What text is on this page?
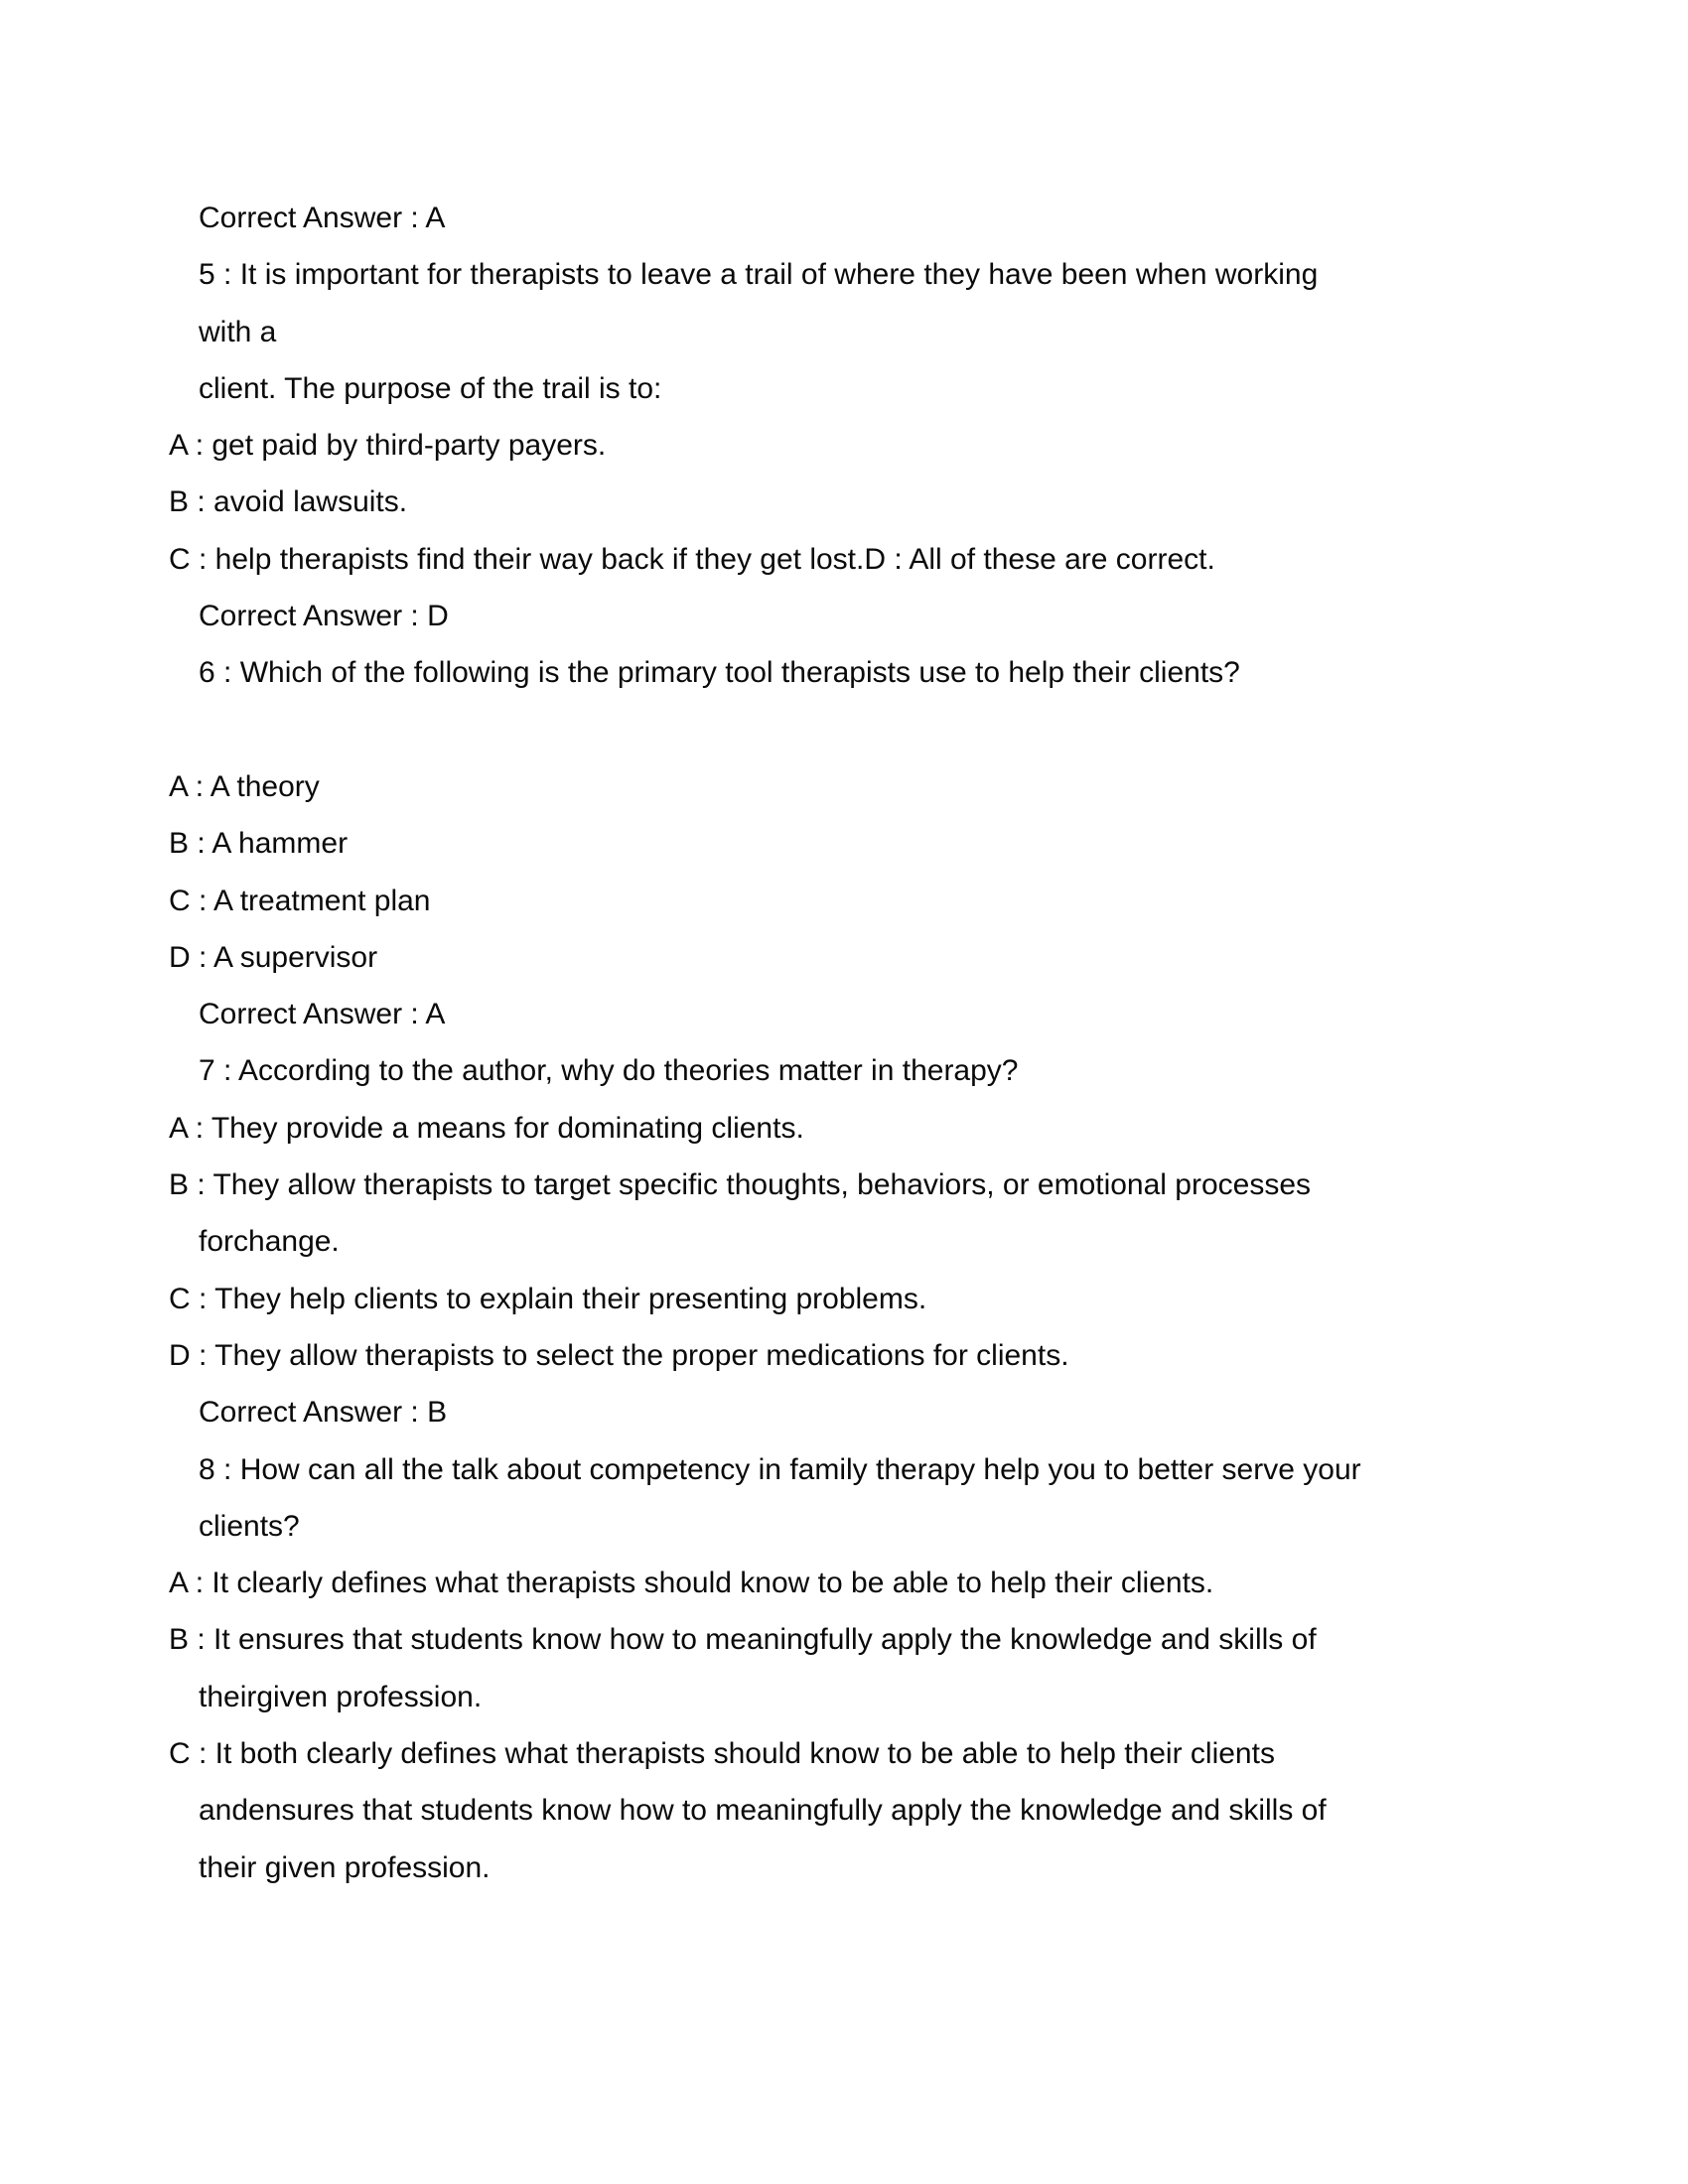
Correct Answer : A
5 : It is important for therapists to leave a trail of where they have been when working
with a
client. The purpose of the trail is to:
A : get paid by third-party payers.
B : avoid lawsuits.
C : help therapists find their way back if they get lost.D : All of these are correct.
Correct Answer : D
6 : Which of the following is the primary tool therapists use to help their clients?
A : A theory
B : A hammer
C : A treatment plan
D : A supervisor
Correct Answer : A
7 : According to the author, why do theories matter in therapy?
A : They provide a means for dominating clients.
B : They allow therapists to target specific thoughts, behaviors, or emotional processes
forchange.
C : They help clients to explain their presenting problems.
D : They allow therapists to select the proper medications for clients.
Correct Answer : B
8 : How can all the talk about competency in family therapy help you to better serve your
clients?
A : It clearly defines what therapists should know to be able to help their clients.
B : It ensures that students know how to meaningfully apply the knowledge and skills of
theirgiven profession.
C : It both clearly defines what therapists should know to be able to help their clients
andensures that students know how to meaningfully apply the knowledge and skills of
their given profession.
